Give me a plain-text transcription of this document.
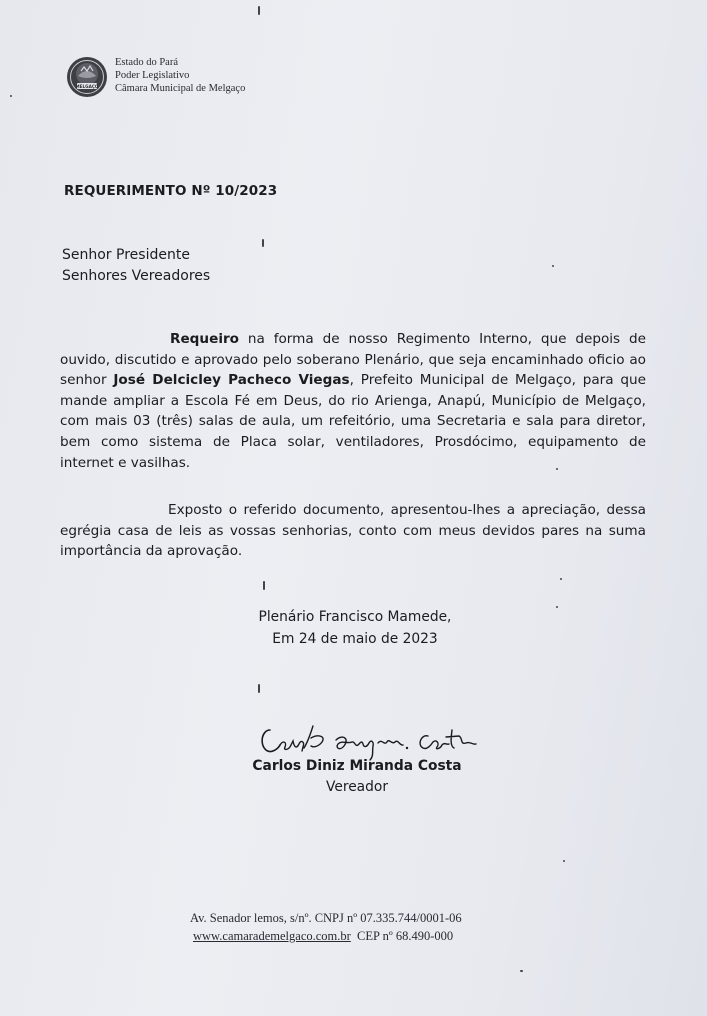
MELGAÇO
Estado do Pará
Poder Legislativo
Câmara Municipal de Melgaço
REQUERIMENTO Nº 10/2023
Senhor Presidente
Senhores Vereadores

Requeiro na forma de nosso Regimento Interno, que depois de ouvido, discutido e aprovado pelo soberano Plenário, que seja encaminhado oficio ao senhor José Delcicley Pacheco Viegas, Prefeito Municipal de Melgaço, para que mande ampliar a Escola Fé em Deus, do rio Arienga, Anapú, Município de Melgaço, com mais 03 (três) salas de aula, um refeitório, uma Secretaria e sala para diretor, bem como sistema de Placa solar, ventiladores, Prosdócimo, equipamento de internet e vasilhas.

Exposto o referido documento, apresentou-lhes a apreciação, dessa egrégia casa de leis as vossas senhorias, conto com meus devidos pares na suma importância da aprovação.

Plenário Francisco Mamede,
Em 24 de maio de 2023
Carlos Diniz Miranda Costa
Vereador
Av. Senador lemos, s/nº. CNPJ nº 07.335.744/0001-06
www.camarademelgaco.com.br CEP nº 68.490-000
